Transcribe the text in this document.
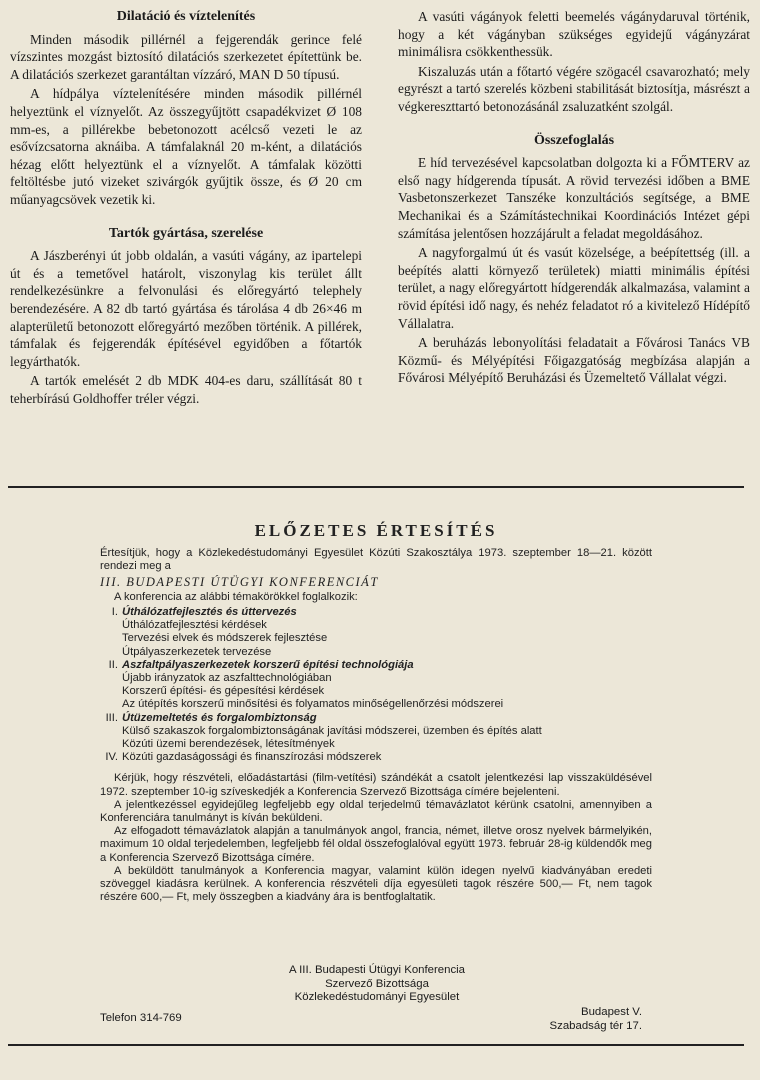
Dilatáció és víztelenítés

Minden második pillérnél a fejgerendák gerince felé vízszintes mozgást biztosító dilatációs szerkezetet építettünk be. A dilatációs szerkezet garantáltan vízzáró, MAN D 50 típusú.

A hídpálya víztelenítésére minden második pillérnél helyeztünk el víznyelőt. Az összegyűjtött csapadékvizet Ø 108 mm-es, a pillérekbe bebetonozott acélcső vezeti le az esővízcsatorna aknáiba. A támfalaknál 20 m-ként, a dilatációs hézag előtt helyeztünk el a víznyelőt. A támfalak közötti feltöltésbe jutó vizeket szivárgók gyűjtik össze, és Ø 20 cm műanyagcsövek vezetik ki.

Tartók gyártása, szerelése

A Jászberényi út jobb oldalán, a vasúti vágány, az ipartelepi út és a temetővel határolt, viszonylag kis terület állt rendelkezésünkre a felvonulási és előregyártó telephely berendezésére. A 82 db tartó gyártása és tárolása 4 db 26×46 m alapterületű betonozott előregyártó mezőben történik. A pillérek, támfalak és fejgerendák építésével egyidőben a főtartók legyárthatók.

A tartók emelését 2 db MDK 404-es daru, szállítását 80 t teherbírású Goldhoffer tréler végzi.

A vasúti vágányok feletti beemelés vágánydaruval történik, hogy a két vágányban szükséges egyidejű vágányzárat minimálisra csökkenthessük.

Kiszaluzás után a főtartó végére szögacél csavarozható; mely egyrészt a tartó szerelés közbeni stabilitását biztosítja, másrészt a végkereszttartó betonozásánál zsaluzatként szolgál.

Összefoglalás

E híd tervezésével kapcsolatban dolgozta ki a FŐMTERV az első nagy hídgerenda típusát. A rövid tervezési időben a BME Vasbetonszerkezet Tanszéke konzultációs segítsége, a BME Mechanikai és a Számítástechnikai Koordinációs Intézet gépi számítása jelentősen hozzájárult a feladat megoldásához.

A nagyforgalmú út és vasút közelsége, a beépítettség (ill. a beépítés alatti környező területek) miatti minimális építési terület, a nagy előregyártott hídgerendák alkalmazása, valamint a rövid építési idő nagy, és nehéz feladatot ró a kivitelező Hídépítő Vállalatra.

A beruházás lebonyolítási feladatait a Fővárosi Tanács VB Közmű- és Mélyépítési Főigazgatóság megbízása alapján a Fővárosi Mélyépítő Beruházási és Üzemeltető Vállalat végzi.

ELŐZETES ÉRTESÍTÉS

Értesítjük, hogy a Közlekedéstudományi Egyesület Közúti Szakosztálya 1973. szeptember 18—21. között rendezi meg a

III. BUDAPESTI ÚTÜGYI KONFERENCIÁT

A konferencia az alábbi témakörökkel foglalkozik:

I. Úthálózatfejlesztés és úttervezés
Úthálózatfejlesztési kérdések
Tervezési elvek és módszerek fejlesztése
Útpályaszerkezetek tervezése
II. Aszfaltpályaszerkezetek korszerű építési technológiája
Újabb irányzatok az aszfalttechnológiában
Korszerű építési- és gépesítési kérdések
Az útépítés korszerű minősítési és folyamatos minőségellenőrzési módszerei
III. Útüzemeltetés és forgalombiztonság
Külső szakaszok forgalombiztonságának javítási módszerei, üzemben és építés alatt
Közúti üzemi berendezések, létesítmények
IV. Közúti gazdaságossági és finanszírozási módszerek

Kérjük, hogy részvételi, előadástartási (film-vetítési) szándékát a csatolt jelentkezési lap visszaküldésével 1972. szeptember 10-ig szíveskedjék a Konferencia Szervező Bizottsága címére bejelenteni.

A jelentkezéssel egyidejűleg legfeljebb egy oldal terjedelmű témavázlatot kérünk csatolni, amennyiben a Konferenciára tanulmányt is kíván beküldeni.

Az elfogadott témavázlatok alapján a tanulmányok angol, francia, német, illetve orosz nyelvek bármelyikén, maximum 10 oldal terjedelemben, legfeljebb fél oldal összefoglalóval együtt 1973. február 28-ig küldendők meg a Konferencia Szervező Bizottsága címére.

A beküldött tanulmányok a Konferencia magyar, valamint külön idegen nyelvű kiadványában eredeti szöveggel kiadásra kerülnek. A konferencia részvételi díja egyesületi tagok részére 500,— Ft, nem tagok részére 600,— Ft, mely összegben a kiadvány ára is bentfoglaltatik.

A III. Budapesti Útügyi Konferencia
Szervező Bizottsága
Közlekedéstudományi Egyesület
Telefon 314-769	Budapest V.
Szabadság tér 17.
